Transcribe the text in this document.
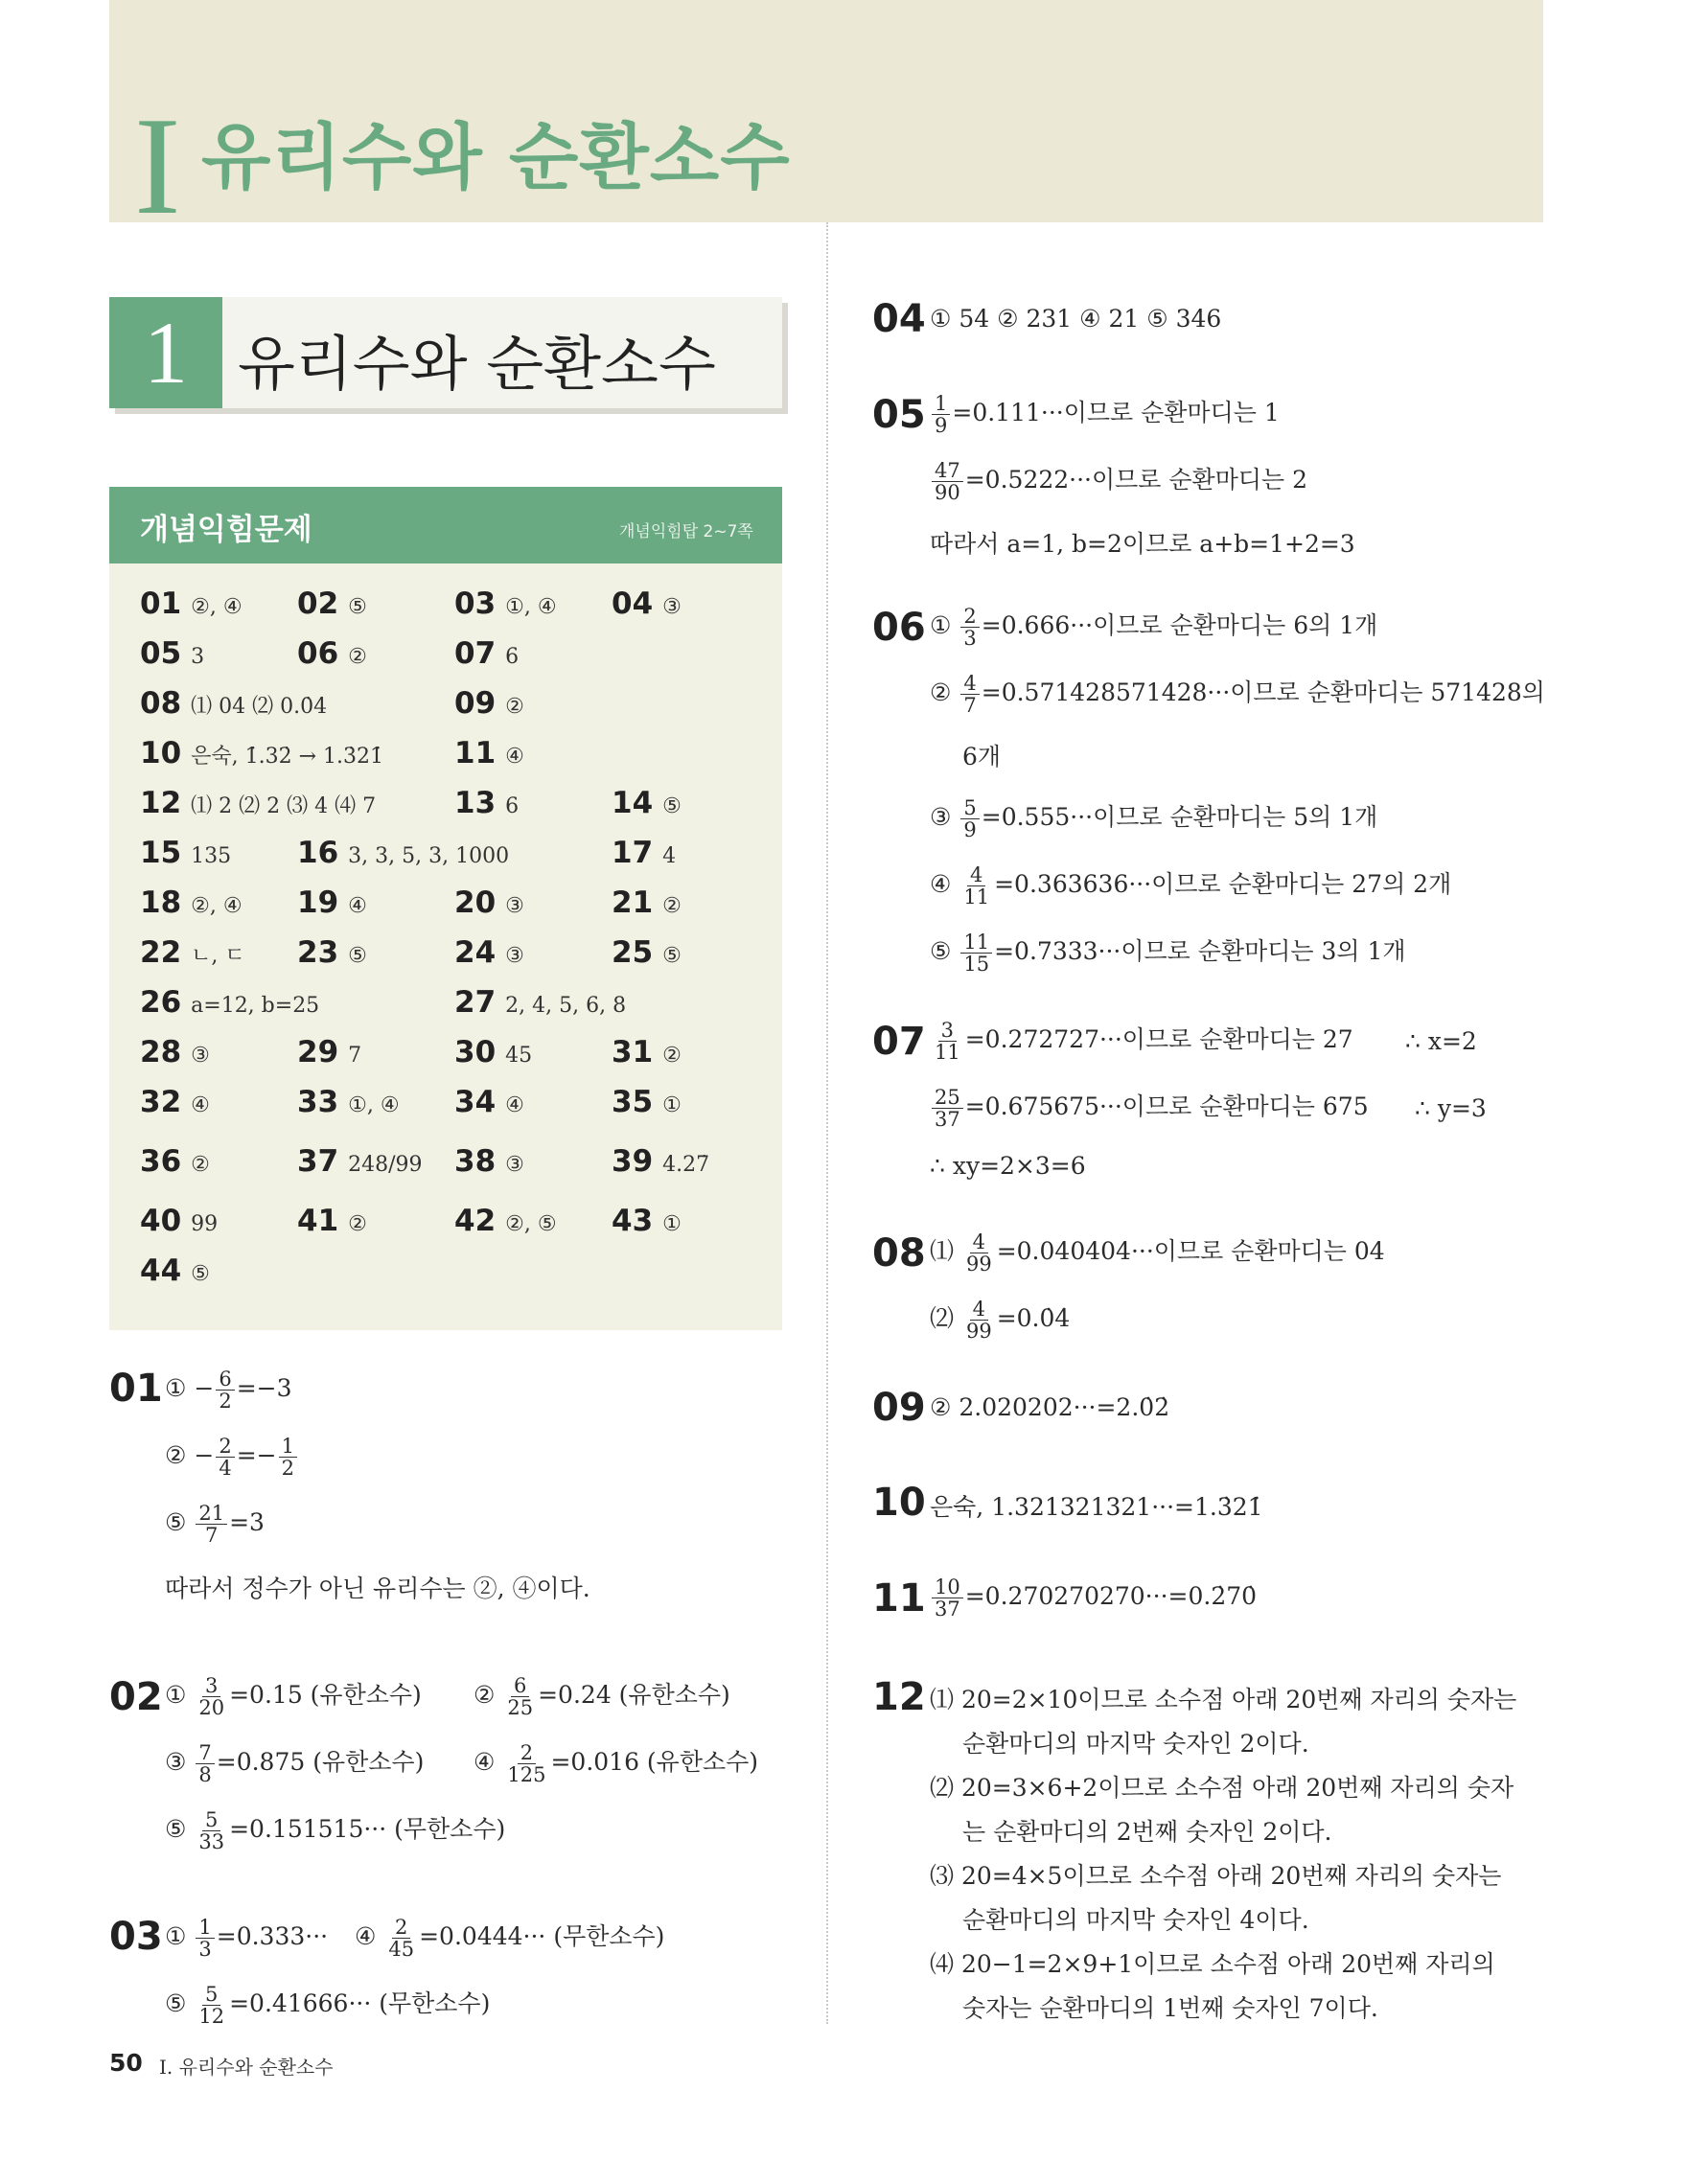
I 유리수와 순환소수
1 유리수와 순환소수
개념익힘문제	개념익힘탑 2~7쪽
01 ②, ④ 02 ⑤	03 ①, ④ 04 ③
05 3	06 ②	07 6
08 ⑴ 04 ⑵ 0.0̇4̇	09 ②
10 은숙, 1̇.32̇ → 1.3̇21̇ 11 ④
12 ⑴ 2 ⑵ 2 ⑶ 4 ⑷ 7	13 6	14 ⑤
15 135 16 3, 3, 5, 3, 1000	17 4
18 ②, ④ 19 ④	20 ③	21 ②
22 ㄴ, ㄷ 23 ⑤	24 ③	25 ⑤
26 a=12, b=25	27 2, 4, 5, 6, 8
28 ③	29 7	30 45	31 ②
32 ④	33 ①, ④ 34 ④	35 ①
36 ②	37 248/99 38 ③	39 4.27̇
40 99	41 ②	42 ②, ⑤ 43 ①
44 ⑤
01 ① − $\frac{6}{2} =-3$
② − $\frac{2}{4} =- \frac{1}{2}$
⑤ $\frac{21}{7} =3$
따라서 정수가 아닌 유리수는 ②, ④이다.
02 ① $\frac{3}{20} =0.15$ (유한소수) ② $\frac{6}{25} =0.24$ (유한소수)
③ $\frac{7}{8} =0.875$ (유한소수) ④ $\frac{2}{125} =0.016$ (유한소수)
⑤ $\frac{5}{33} =0.151515\cdot\cdot\cdot$ (무한소수)
03 ① $\frac{1}{3} =0.333\cdot\cdot\cdot$ ④ $\frac{2}{45} =0.0444\cdot\cdot\cdot$ (무한소수)
⑤ $\frac{5}{12} =0.41666\cdot\cdot\cdot$ (무한소수)
04 ① 54 ② 231 ④ 21 ⑤ 346
$05 \frac{1}{9} =0.111\cdot\cdot\cdot$이므로 순환마디는 1
$\frac{47}{90} =0.5222\cdot\cdot\cdot$이므로 순환마디는 2
따라서 a=1, b=2이므로 a+b=1+2=3
06 ① $\frac{2}{3} =0.666\cdot\cdot\cdot$이므로 순환마디는 6의 1개
② $\frac{4}{7} =0.571428571428\cdot\cdot\cdot$이므로 순환마디는 571428의
6개
③ $\frac{5}{9} =0.555\cdot\cdot\cdot$이므로 순환마디는 5의 1개
④ $\frac{4}{11} =0.363636\cdot\cdot\cdot$이므로 순환마디는 27의 2개
⑤ $\frac{11}{15} =0.7333\cdot\cdot\cdot$이므로 순환마디는 3의 1개
$07 \frac{3}{11} =0.272727\cdot\cdot\cdot$이므로 순환마디는 27 ∴ x=2
$\frac{25}{37} =0.675675\cdot\cdot\cdot$이므로 순환마디는 675 ∴ y=3
∴ xy=2×3=6
08 ⑴ $\frac{4}{99} =0.040404\cdot\cdot\cdot$이므로 순환마디는 04
⑵ $\frac{4}{99}$ =0.0̇4̇
09 ② 2.020202···=2.0̇2̇
10 은숙, 1.321321321···=1.3̇21̇
$11 \frac{10}{37}$ =0.270270270···=0.2̇70̇
12 ⑴ 20=2×10이므로 소수점 아래 20번째 자리의 숫자는
순환마디의 마지막 숫자인 2이다.
⑵ 20=3×6+2이므로 소수점 아래 20번째 자리의 숫자
는 순환마디의 2번째 숫자인 2이다.
⑶ 20=4×5이므로 소수점 아래 20번째 자리의 숫자는
순환마디의 마지막 숫자인 4이다.
⑷ 20−1=2×9+1이므로 소수점 아래 20번째 자리의
숫자는 순환마디의 1번째 숫자인 7이다.
50 I. 유리수와 순환소수
